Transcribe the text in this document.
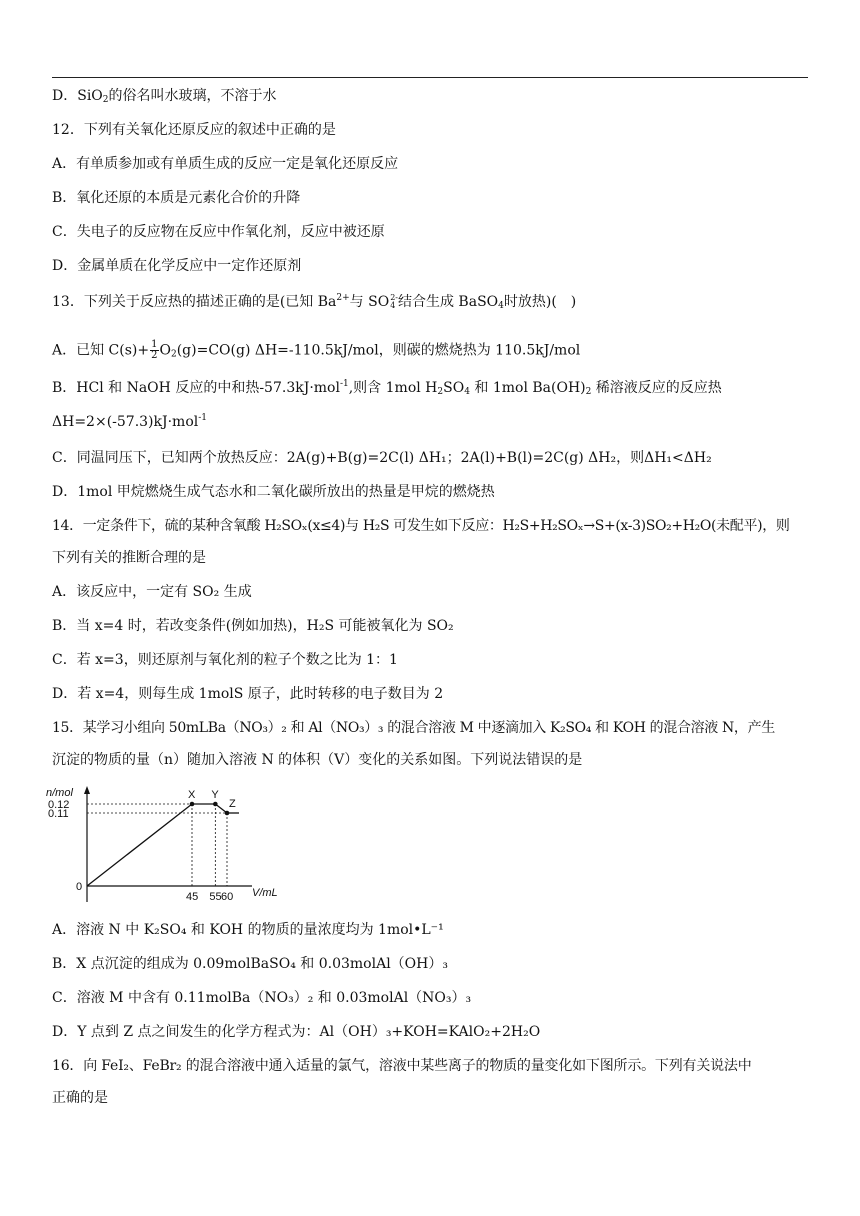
D．SiO$_2$的俗名叫水玻璃，不溶于水
12．下列有关氧化还原反应的叙述中正确的是
A．有单质参加或有单质生成的反应一定是氧化还原反应
B．氧化还原的本质是元素化合价的升降
C．失电子的反应物在反应中作氧化剂，反应中被还原
D．金属单质在化学反应中一定作还原剂
13．下列关于反应热的描述正确的是(已知 $Ba^{2+}$与 SO 2-
4 结合生成 BaSO$_4$时放热)(　)
A．已知 $C(s)+ \frac{1}{2} O_2(g)=CO(g)$ ΔH=-110.5kJ/mol，则碳的燃烧热为 110.5kJ/mol
B．HCl 和 NaOH 反应的中和热-57.3kJ·mol$^{-1}$,则含 1mol $H_2SO_4$ 和 1mol $Ba(OH)_2$ 稀溶液反应的反应热
ΔH=2×(-57.3)kJ·mol$^{-1}$
C．同温同压下，已知两个放热反应：2A(g)+B(g)=2C(l) ΔH₁；2A(l)+B(l)=2C(g) ΔH₂，则ΔH₁<ΔH₂
D．1mol 甲烷燃烧生成气态水和二氧化碳所放出的热量是甲烷的燃烧热
14．一定条件下，硫的某种含氧酸 H₂SOₓ(x≤4)与 H₂S 可发生如下反应：H₂S+H₂SOₓ→S+(x-3)SO₂+H₂O(未配平)，则
下列有关的推断合理的是
A．该反应中，一定有 SO₂ 生成
B．当 x=4 时，若改变条件(例如加热)，H₂S 可能被氧化为 SO₂
C．若 x=3，则还原剂与氧化剂的粒子个数之比为 1：1
D．若 x=4，则每生成 1molS 原子，此时转移的电子数目为 2
15．某学习小组向 50mLBa（NO₃）₂ 和 Al（NO₃）₃ 的混合溶液 M 中逐滴加入 K₂SO₄ 和 KOH 的混合溶液 N，产生
沉淀的物质的量（n）随加入溶液 N 的体积（V）变化的关系如图。下列说法错误的是
n/mol
V/mL
0
0.12
0.11
45 55 60
X Y
Z
A．溶液 N 中 K₂SO₄ 和 KOH 的物质的量浓度均为 1mol•L⁻¹
B．X 点沉淀的组成为 0.09molBaSO₄ 和 0.03molAl（OH）₃
C．溶液 M 中含有 0.11molBa（NO₃）₂ 和 0.03molAl（NO₃）₃
D．Y 点到 Z 点之间发生的化学方程式为：Al（OH）₃+KOH=KAlO₂+2H₂O
16．向 FeI₂、FeBr₂ 的混合溶液中通入适量的氯气，溶液中某些离子的物质的量变化如下图所示。下列有关说法中
正确的是
